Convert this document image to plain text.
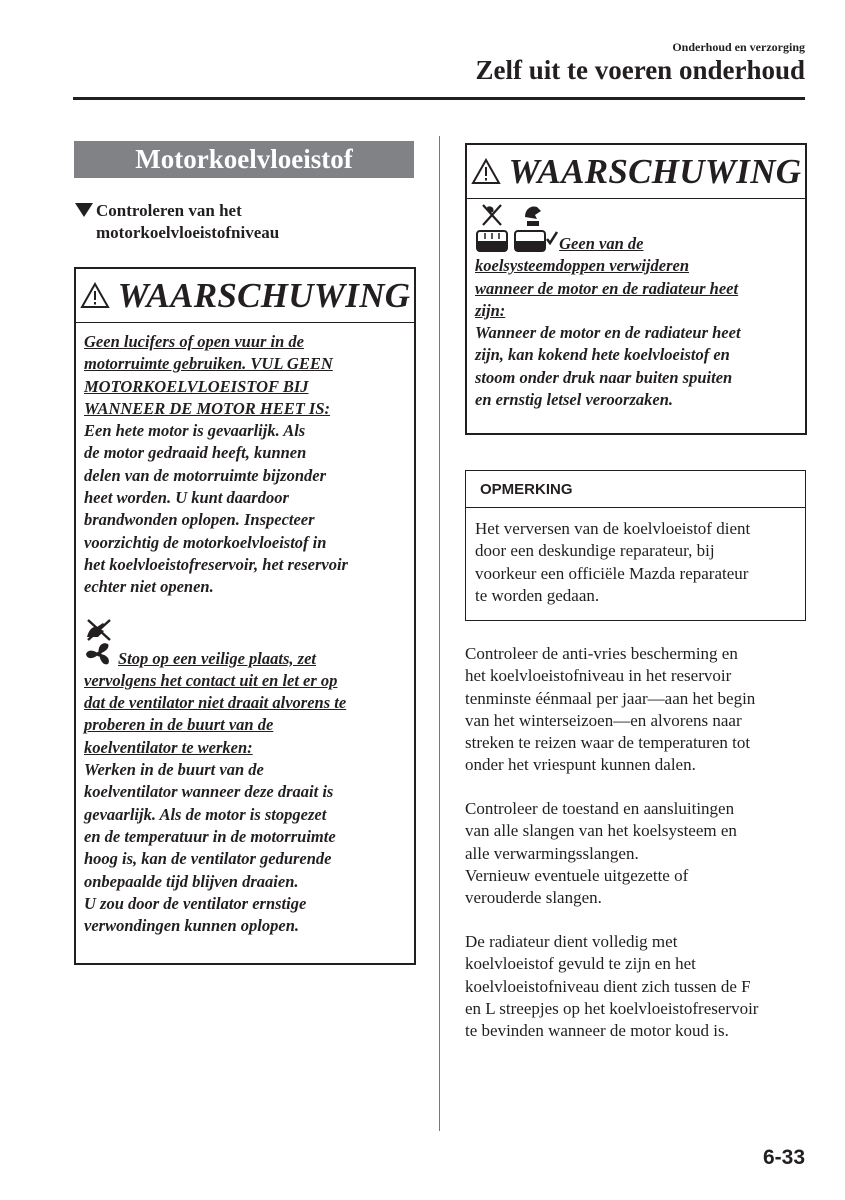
Onderhoud en verzorging
Zelf uit te voeren onderhoud
Motorkoelvloeistof
Controleren van het
motorkoelvloeistofniveau
WAARSCHUWING
Geen lucifers of open vuur in de
motorruimte gebruiken. VUL GEEN
MOTORKOELVLOEISTOF BIJ
WANNEER DE MOTOR HEET IS:
Een hete motor is gevaarlijk. Als
de motor gedraaid heeft, kunnen
delen van de motorruimte bijzonder
heet worden. U kunt daardoor
brandwonden oplopen. Inspecteer
voorzichtig de motorkoelvloeistof in
het koelvloeistofreservoir, het reservoir
echter niet openen.
Stop op een veilige plaats, zet
vervolgens het contact uit en let er op
dat de ventilator niet draait alvorens te
proberen in de buurt van de
koelventilator te werken:
Werken in de buurt van de
koelventilator wanneer deze draait is
gevaarlijk. Als de motor is stopgezet
en de temperatuur in de motorruimte
hoog is, kan de ventilator gedurende
onbepaalde tijd blijven draaien.
U zou door de ventilator ernstige
verwondingen kunnen oplopen.
WAARSCHUWING
Geen van de
koelsysteemdoppen verwijderen
wanneer de motor en de radiateur heet
zijn:
Wanneer de motor en de radiateur heet
zijn, kan kokend hete koelvloeistof en
stoom onder druk naar buiten spuiten
en ernstig letsel veroorzaken.
OPMERKING
Het verversen van de koelvloeistof dient
door een deskundige reparateur, bij
voorkeur een officiële Mazda reparateur
te worden gedaan.
Controleer de anti-vries bescherming en
het koelvloeistofniveau in het reservoir
tenminste éénmaal per jaar—aan het begin
van het winterseizoen—en alvorens naar
streken te reizen waar de temperaturen tot
onder het vriespunt kunnen dalen.
Controleer de toestand en aansluitingen
van alle slangen van het koelsysteem en
alle verwarmingsslangen.
Vernieuw eventuele uitgezette of
verouderde slangen.
De radiateur dient volledig met
koelvloeistof gevuld te zijn en het
koelvloeistofniveau dient zich tussen de F
en L streepjes op het koelvloeistofreservoir
te bevinden wanneer de motor koud is.
6-33
